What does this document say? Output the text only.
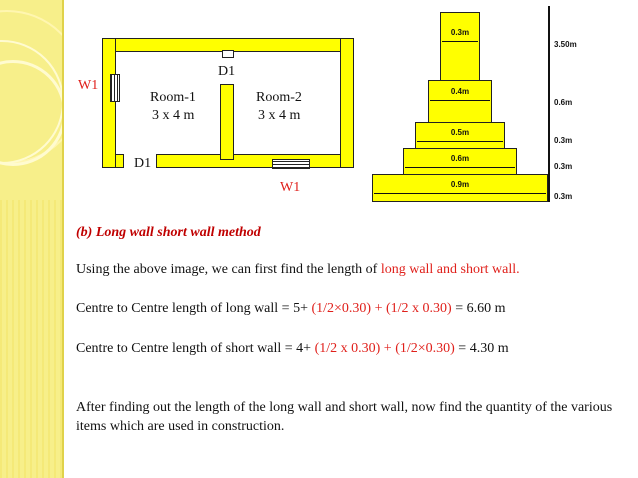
W1
D1
Room-1
3 x 4 m
Room-2
3 x 4 m
D1
W1
0.3m
0.4m
0.5m
0.6m
0.9m
3.50m
0.6m
0.3m
0.3m
0.3m
(b) Long wall short wall method
Using the above image, we can first find the length of long wall and short wall.
Centre to Centre length of long wall = 5+ (1/2×0.30) + (1/2 x 0.30) = 6.60 m
Centre to Centre length of short wall = 4+ (1/2 x 0.30) + (1/2×0.30) = 4.30 m
After finding out the length of the long wall and short wall, now find the quantity of the various items which are used in construction.
